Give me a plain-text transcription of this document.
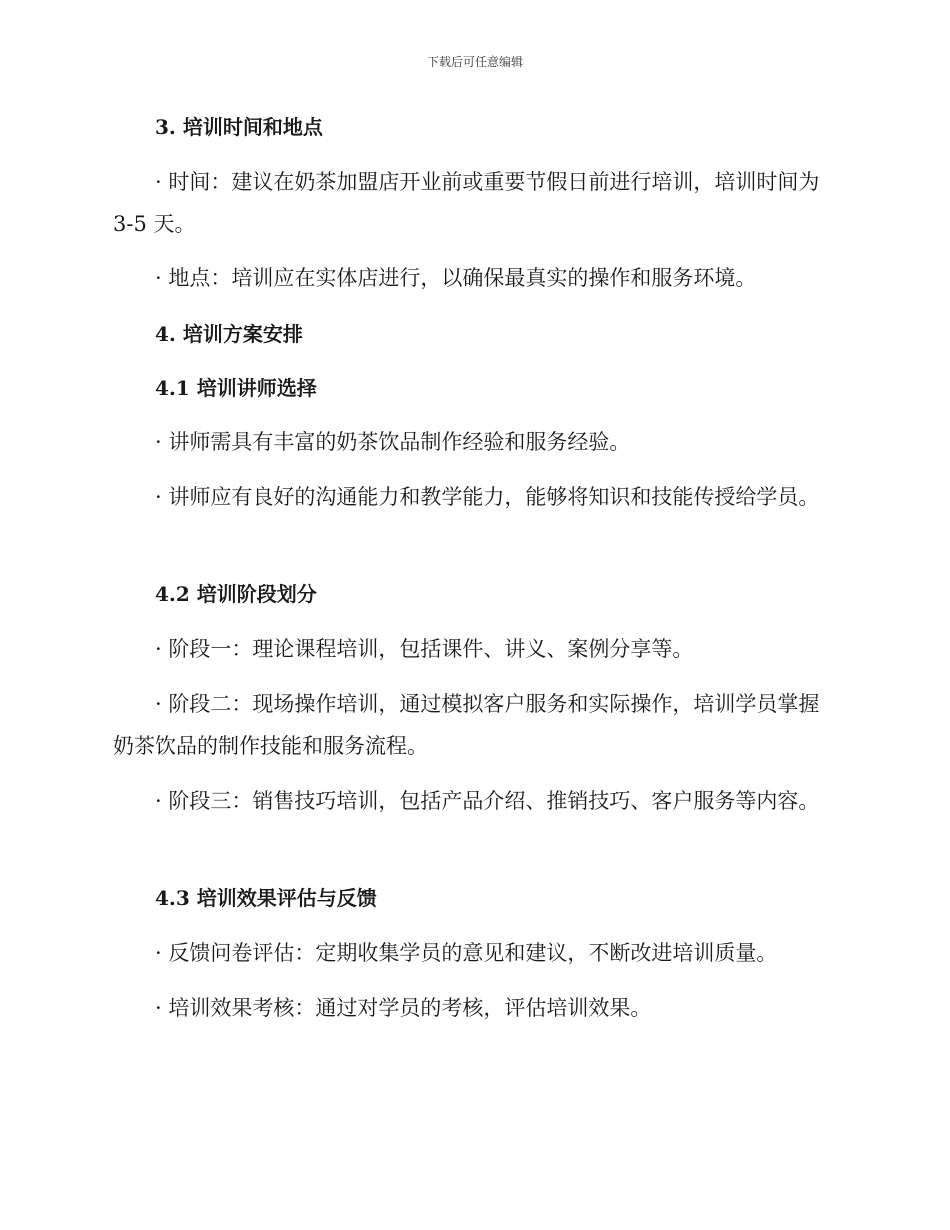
下载后可任意编辑

3. 培训时间和地点

· 时间：建议在奶茶加盟店开业前或重要节假日前进行培训，培训时间为 3-5 天。

· 地点：培训应在实体店进行，以确保最真实的操作和服务环境。

4. 培训方案安排

4.1 培训讲师选择

· 讲师需具有丰富的奶茶饮品制作经验和服务经验。

· 讲师应有良好的沟通能力和教学能力，能够将知识和技能传授给学员。

4.2 培训阶段划分

· 阶段一：理论课程培训，包括课件、讲义、案例分享等。

· 阶段二：现场操作培训，通过模拟客户服务和实际操作，培训学员掌握奶茶饮品的制作技能和服务流程。

· 阶段三：销售技巧培训，包括产品介绍、推销技巧、客户服务等内容。

4.3 培训效果评估与反馈

· 反馈问卷评估：定期收集学员的意见和建议，不断改进培训质量。

· 培训效果考核：通过对学员的考核，评估培训效果。
